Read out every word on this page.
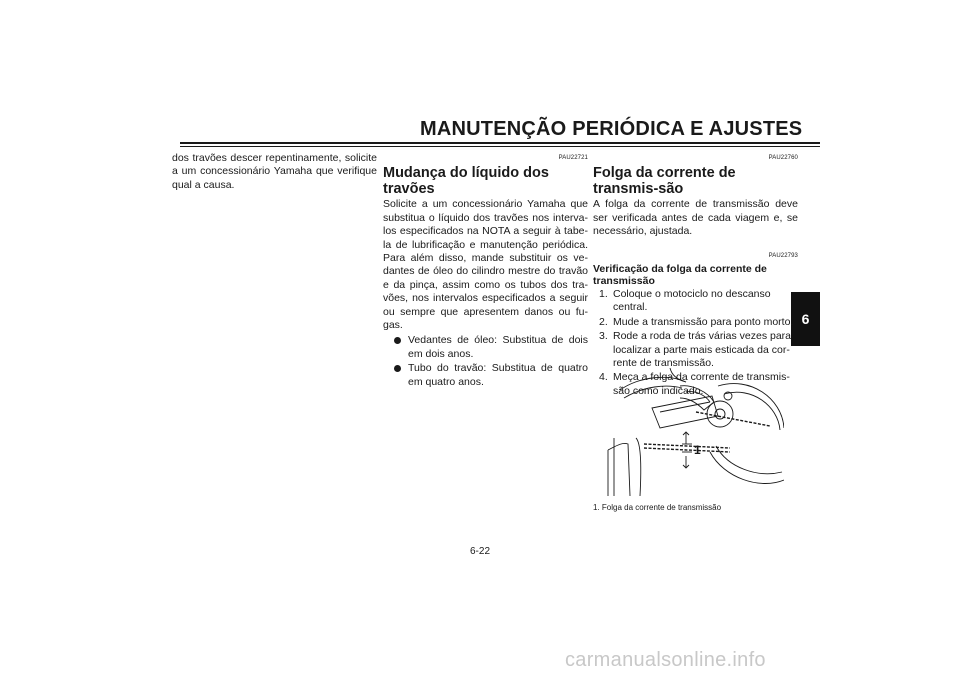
MANUTENÇÃO PERIÓDICA E AJUSTES
6

dos travões descer repentinamente, solicite a um concessionário Yamaha que verifique qual a causa.

PAU22721
Mudança do líquido dos travões

Solicite a um concessionário Yamaha que substitua o líquido dos travões nos interva-los especificados na NOTA a seguir à tabe-la de lubrificação e manutenção periódica. Para além disso, mande substituir os ve-dantes de óleo do cilindro mestre do travão e da pinça, assim como os tubos dos tra-vões, nos intervalos especificados a seguir ou sempre que apresentem danos ou fu-gas.

Vedantes de óleo: Substitua de dois em dois anos.
Tubo do travão: Substitua de quatro em quatro anos.
PAU22760
Folga da corrente de transmis-são

A folga da corrente de transmissão deve ser verificada antes de cada viagem e, se necessário, ajustada.

PAU22793
Verificação da folga da corrente de transmissão
1. Coloque o motociclo no descanso central.
2. Mude a transmissão para ponto morto.
3. Rode a roda de trás várias vezes para localizar a parte mais esticada da cor-rente de transmissão.
4. Meça a folga da corrente de transmis-são como indicado.
1
1. Folga da corrente de transmissão
6-22
carmanualsonline.info
